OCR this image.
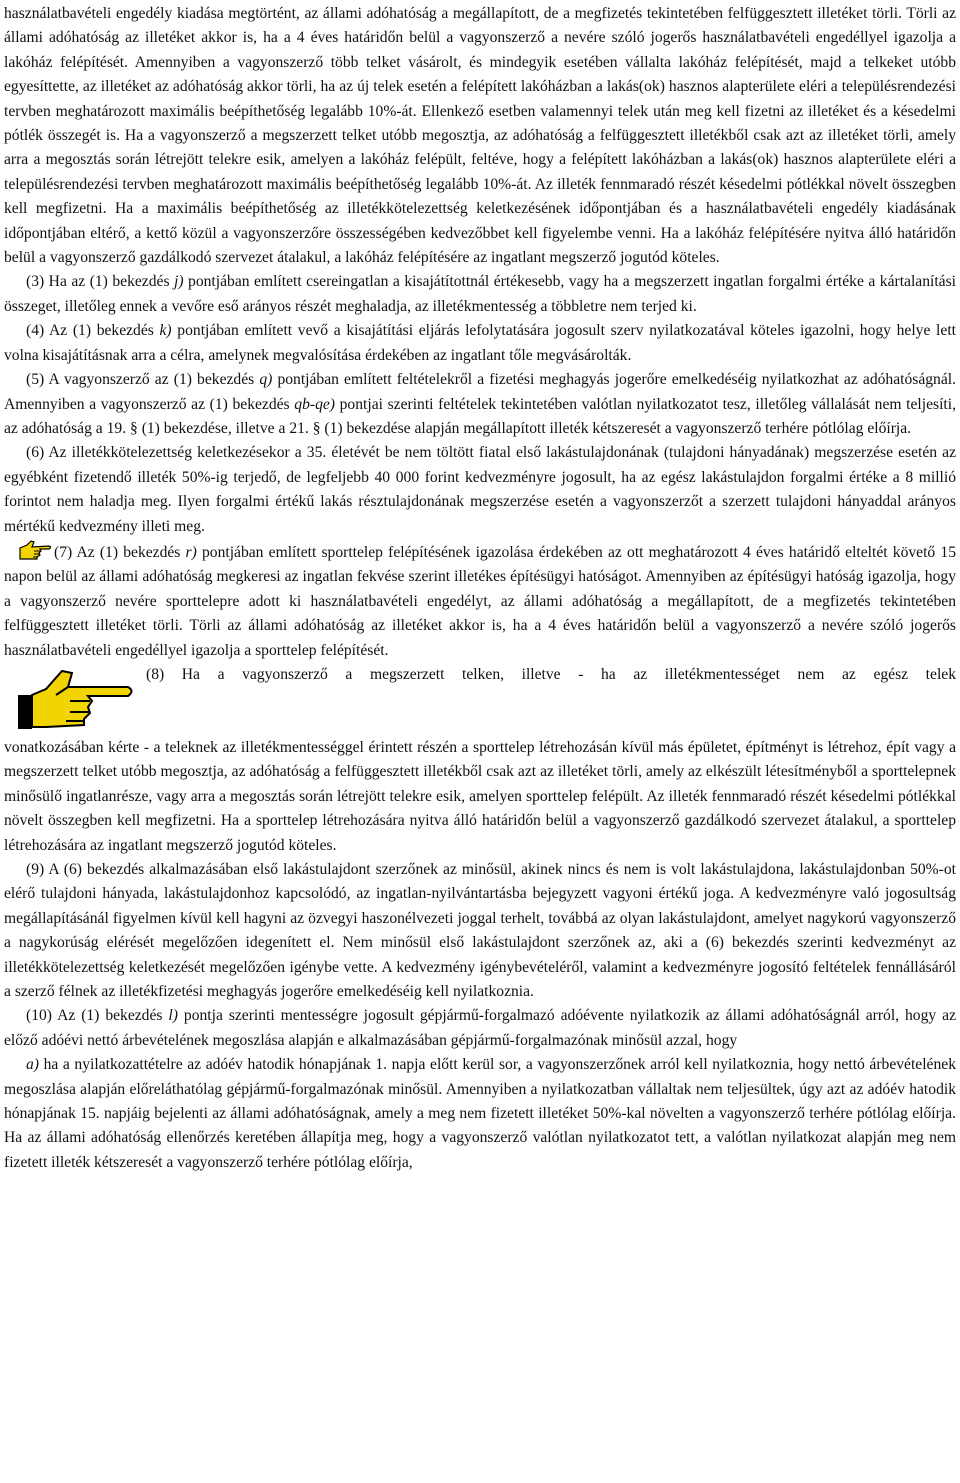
használatbavételi engedély kiadása megtörtént, az állami adóhatóság a megállapított, de a megfizetés tekintetében felfüggesztett illetéket törli. Törli az állami adóhatóság az illetéket akkor is, ha a 4 éves határidőn belül a vagyonszerző a nevére szóló jogerős használatbavételi engedéllyel igazolja a lakóház felépítését. Amennyiben a vagyonszerző több telket vásárolt, és mindegyik esetében vállalta lakóház felépítését, majd a telkeket utóbb egyesíttette, az illetéket az adóhatóság akkor törli, ha az új telek esetén a felépített lakóházban a lakás(ok) hasznos alapterülete eléri a településrendezési tervben meghatározott maximális beépíthetőség legalább 10%-át. Ellenkező esetben valamennyi telek után meg kell fizetni az illetéket és a késedelmi pótlék összegét is. Ha a vagyonszerző a megszerzett telket utóbb megosztja, az adóhatóság a felfüggesztett illetékből csak azt az illetéket törli, amely arra a megosztás során létrejött telekre esik, amelyen a lakóház felépült, feltéve, hogy a felépített lakóházban a lakás(ok) hasznos alapterülete eléri a településrendezési tervben meghatározott maximális beépíthetőség legalább 10%-át. Az illeték fennmaradó részét késedelmi pótlékkal növelt összegben kell megfizetni. Ha a maximális beépíthetőség az illetékkötelezettség keletkezésének időpontjában és a használatbavételi engedély kiadásának időpontjában eltérő, a kettő közül a vagyonszerzőre összességében kedvezőbbet kell figyelembe venni. Ha a lakóház felépítésére nyitva álló határidőn belül a vagyonszerző gazdálkodó szervezet átalakul, a lakóház felépítésére az ingatlant megszerző jogutód köteles.

(3) Ha az (1) bekezdés j) pontjában említett csereingatlan a kisajátítottnál értékesebb, vagy ha a megszerzett ingatlan forgalmi értéke a kártalanítási összeget, illetőleg ennek a vevőre eső arányos részét meghaladja, az illetékmentesség a többletre nem terjed ki.

(4) Az (1) bekezdés k) pontjában említett vevő a kisajátítási eljárás lefolytatására jogosult szerv nyilatkozatával köteles igazolni, hogy helye lett volna kisajátításnak arra a célra, amelynek megvalósítása érdekében az ingatlant tőle megvásárolták.

(5) A vagyonszerző az (1) bekezdés q) pontjában említett feltételekről a fizetési meghagyás jogerőre emelkedéséig nyilatkozhat az adóhatóságnál. Amennyiben a vagyonszerző az (1) bekezdés qb-qe) pontjai szerinti feltételek tekintetében valótlan nyilatkozatot tesz, illetőleg vállalását nem teljesíti, az adóhatóság a 19. § (1) bekezdése, illetve a 21. § (1) bekezdése alapján megállapított illeték kétszeresét a vagyonszerző terhére pótlólag előírja.

(6) Az illetékkötelezettség keletkezésekor a 35. életévét be nem töltött fiatal első lakástulajdonának (tulajdoni hányadának) megszerzése esetén az egyébként fizetendő illeték 50%-ig terjedő, de legfeljebb 40 000 forint kedvezményre jogosult, ha az egész lakástulajdon forgalmi értéke a 8 millió forintot nem haladja meg. Ilyen forgalmi értékű lakás résztulajdonának megszerzése esetén a vagyonszerzőt a szerzett tulajdoni hányaddal arányos mértékű kedvezmény illeti meg.

(7) Az (1) bekezdés r) pontjában említett sporttelep felépítésének igazolása érdekében az ott meghatározott 4 éves határidő elteltét követő 15 napon belül az állami adóhatóság megkeresi az ingatlan fekvése szerint illetékes építésügyi hatóságot. Amennyiben az építésügyi hatóság igazolja, hogy a vagyonszerző nevére sporttelepre adott ki használatbavételi engedélyt, az állami adóhatóság a megállapított, de a megfizetés tekintetében felfüggesztett illetéket törli. Törli az állami adóhatóság az illetéket akkor is, ha a 4 éves határidőn belül a vagyonszerző a nevére szóló jogerős használatbavételi engedéllyel igazolja a sporttelep felépítését.

(8) Ha a vagyonszerző a megszerzett telken, illetve - ha az illetékmentességet nem az egész telek

vonatkozásában kérte - a teleknek az illetékmentességgel érintett részén a sporttelep létrehozásán kívül más épületet, építményt is létrehoz, épít vagy a megszerzett telket utóbb megosztja, az adóhatóság a felfüggesztett illetékből csak azt az illetéket törli, amely az elkészült létesítményből a sporttelepnek minősülő ingatlanrésze, vagy arra a megosztás során létrejött telekre esik, amelyen sporttelep felépült. Az illeték fennmaradó részét késedelmi pótlékkal növelt összegben kell megfizetni. Ha a sporttelep létrehozására nyitva álló határidőn belül a vagyonszerző gazdálkodó szervezet átalakul, a sporttelep létrehozására az ingatlant megszerző jogutód köteles.

(9) A (6) bekezdés alkalmazásában első lakástulajdont szerzőnek az minősül, akinek nincs és nem is volt lakástulajdona, lakástulajdonban 50%-ot elérő tulajdoni hányada, lakástulajdonhoz kapcsolódó, az ingatlan-nyilvántartásba bejegyzett vagyoni értékű joga. A kedvezményre való jogosultság megállapításánál figyelmen kívül kell hagyni az özvegyi haszonélvezeti joggal terhelt, továbbá az olyan lakástulajdont, amelyet nagykorú vagyonszerző a nagykorúság elérését megelőzően idegenített el. Nem minősül első lakástulajdont szerzőnek az, aki a (6) bekezdés szerinti kedvezményt az illetékkötelezettség keletkezését megelőzően igénybe vette. A kedvezmény igénybevételéről, valamint a kedvezményre jogosító feltételek fennállásáról a szerző félnek az illetékfizetési meghagyás jogerőre emelkedéséig kell nyilatkoznia.

(10) Az (1) bekezdés l) pontja szerinti mentességre jogosult gépjármű-forgalmazó adóévente nyilatkozik az állami adóhatóságnál arról, hogy az előző adóévi nettó árbevételének megoszlása alapján e alkalmazásában gépjármű-forgalmazónak minősül azzal, hogy

a) ha a nyilatkozattételre az adóév hatodik hónapjának 1. napja előtt kerül sor, a vagyonszerzőnek arról kell nyilatkoznia, hogy nettó árbevételének megoszlása alapján előreláthatólag gépjármű-forgalmazónak minősül. Amennyiben a nyilatkozatban vállaltak nem teljesültek, úgy azt az adóév hatodik hónapjának 15. napjáig bejelenti az állami adóhatóságnak, amely a meg nem fizetett illetéket 50%-kal növelten a vagyonszerző terhére pótlólag előírja. Ha az állami adóhatóság ellenőrzés keretében állapítja meg, hogy a vagyonszerző valótlan nyilatkozatot tett, a valótlan nyilatkozat alapján meg nem fizetett illeték kétszeresét a vagyonszerző terhére pótlólag előírja,
